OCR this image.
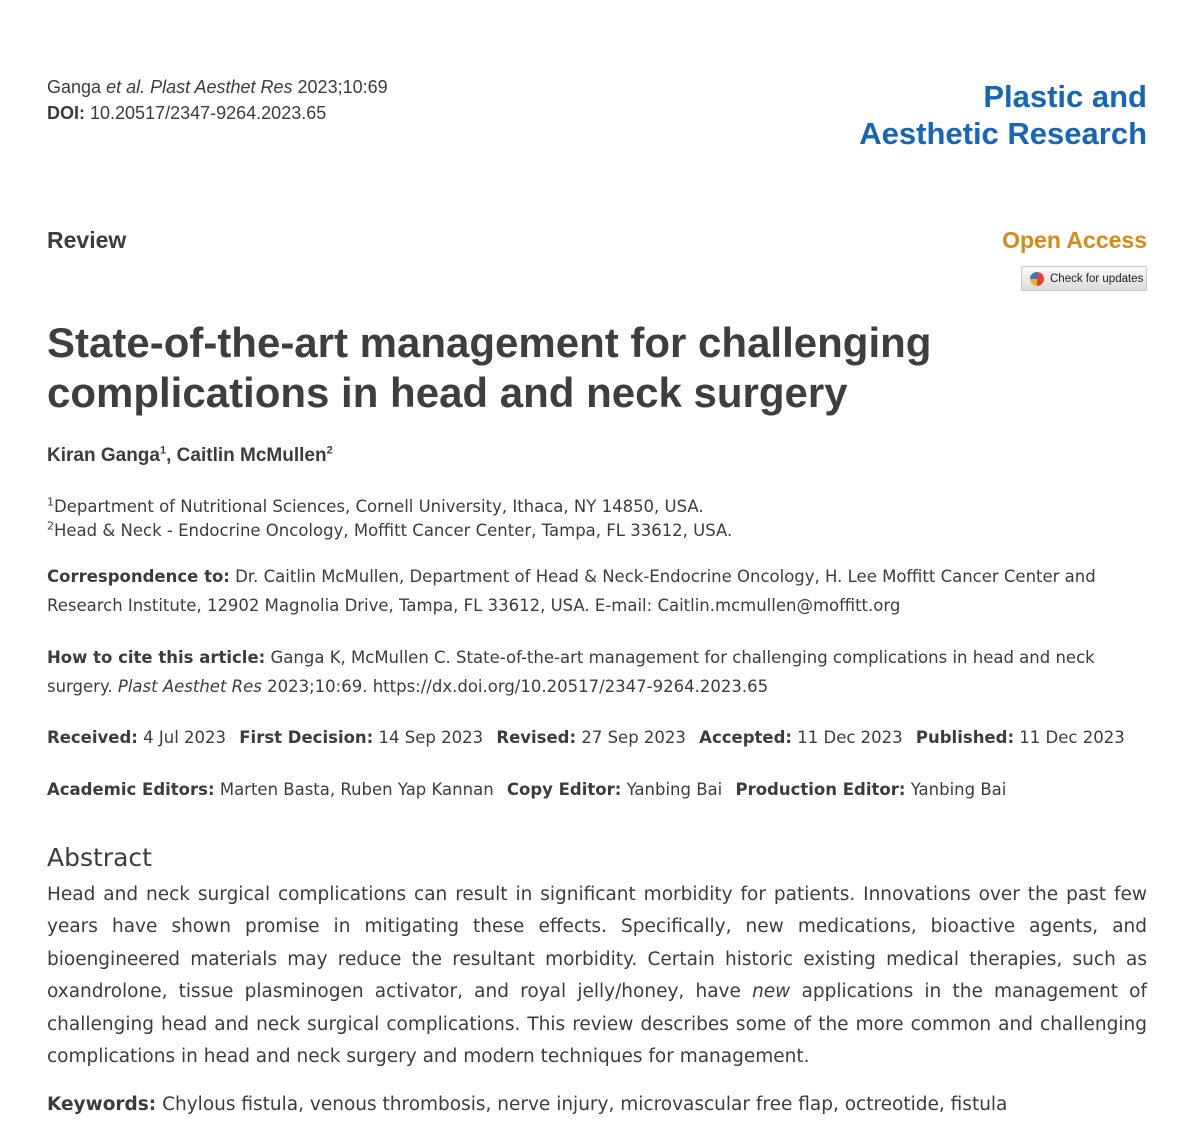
Ganga et al. Plast Aesthet Res 2023;10:69
DOI: 10.20517/2347-9264.2023.65	Plastic and
Aesthetic Research
Review	Open Access
Check for updates
State-of-the-art management for challenging complications in head and neck surgery
Kiran Ganga$^1$, Caitlin McMullen$^2$
$^1$Department of Nutritional Sciences, Cornell University, Ithaca, NY 14850, USA.
$^2$Head & Neck - Endocrine Oncology, Moffitt Cancer Center, Tampa, FL 33612, USA.
Correspondence to: Dr. Caitlin McMullen, Department of Head & Neck-Endocrine Oncology, H. Lee Moffitt Cancer Center and Research Institute, 12902 Magnolia Drive, Tampa, FL 33612, USA. E-mail: Caitlin.mcmullen@moffitt.org
How to cite this article: Ganga K, McMullen C. State-of-the-art management for challenging complications in head and neck surgery. Plast Aesthet Res 2023;10:69. https://dx.doi.org/10.20517/2347-9264.2023.65
Received: 4 Jul 2023 First Decision: 14 Sep 2023 Revised: 27 Sep 2023 Accepted: 11 Dec 2023 Published: 11 Dec 2023
Academic Editors: Marten Basta, Ruben Yap Kannan Copy Editor: Yanbing Bai Production Editor: Yanbing Bai
Abstract
Head and neck surgical complications can result in significant morbidity for patients. Innovations over the past few years have shown promise in mitigating these effects. Specifically, new medications, bioactive agents, and bioengineered materials may reduce the resultant morbidity. Certain historic existing medical therapies, such as oxandrolone, tissue plasminogen activator, and royal jelly/honey, have new applications in the management of challenging head and neck surgical complications. This review describes some of the more common and challenging complications in head and neck surgery and modern techniques for management.
Keywords: Chylous fistula, venous thrombosis, nerve injury, microvascular free flap, octreotide, fistula
